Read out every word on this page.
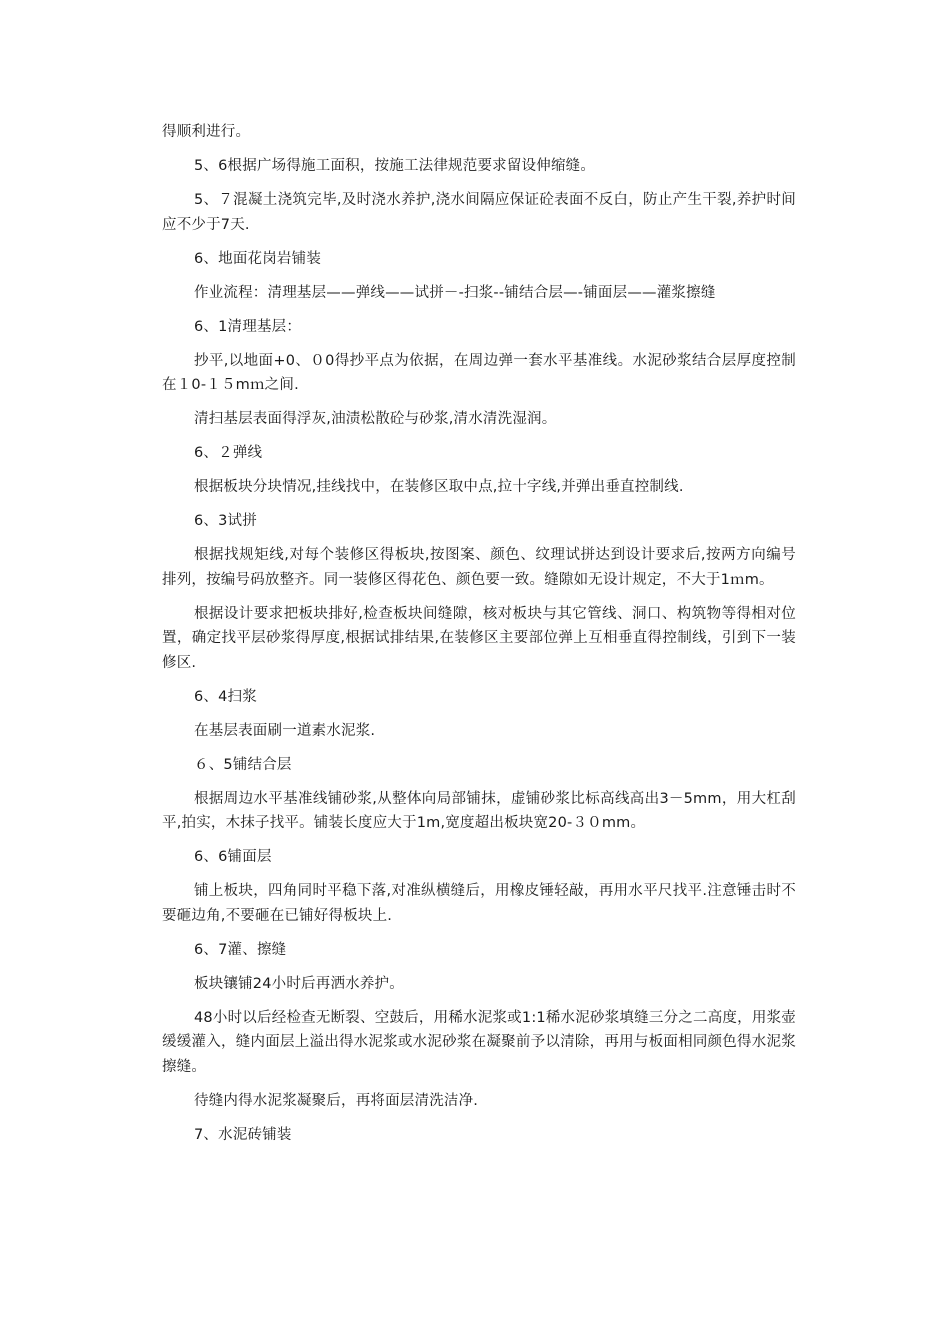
得顺利进行。

5、6根据广场得施工面积，按施工法律规范要求留设伸缩缝。

5、７混凝土浇筑完毕,及时浇水养护,浇水间隔应保证砼表面不反白，防止产生干裂,养护时间应不少于7天.

6、地面花岗岩铺装

作业流程：清理基层——弹线——试拼－-扫浆--铺结合层—-铺面层——灌浆擦缝

6、1清理基层：

抄平,以地面+0、０0得抄平点为依据，在周边弹一套水平基准线。水泥砂浆结合层厚度控制在１0-１５mｍ之间.

清扫基层表面得浮灰,油渍松散砼与砂浆,清水清洗湿润。

6、２弹线

根据板块分块情况,挂线找中，在装修区取中点,拉十字线,并弹出垂直控制线.

6、3试拼

根据找规矩线,对每个装修区得板块,按图案、颜色、纹理试拼达到设计要求后,按两方向编号排列，按编号码放整齐。同一装修区得花色、颜色要一致。缝隙如无设计规定，不大于1ｍm。

根据设计要求把板块排好,检查板块间缝隙，核对板块与其它管线、洞口、构筑物等得相对位置，确定找平层砂浆得厚度,根据试排结果,在装修区主要部位弹上互相垂直得控制线，引到下一装修区.

6、4扫浆

在基层表面刷一道素水泥浆.

６、5铺结合层

根据周边水平基准线铺砂浆,从整体向局部铺抹，虚铺砂浆比标高线高出3－5mm，用大杠刮平,拍实，木抹子找平。铺装长度应大于1m,宽度超出板块宽20-３０mm。

6、6铺面层

铺上板块，四角同时平稳下落,对准纵横缝后，用橡皮锤轻敲，再用水平尺找平.注意锤击时不要砸边角,不要砸在已铺好得板块上.

6、7灌、擦缝

板块镶铺24小时后再洒水养护。

48小时以后经检查无断裂、空鼓后，用稀水泥浆或1:1稀水泥砂浆填缝三分之二高度，用浆壶缓缓灌入，缝内面层上溢出得水泥浆或水泥砂浆在凝聚前予以清除，再用与板面相同颜色得水泥浆擦缝。

待缝内得水泥浆凝聚后，再将面层清洗洁净.

7、水泥砖铺装
